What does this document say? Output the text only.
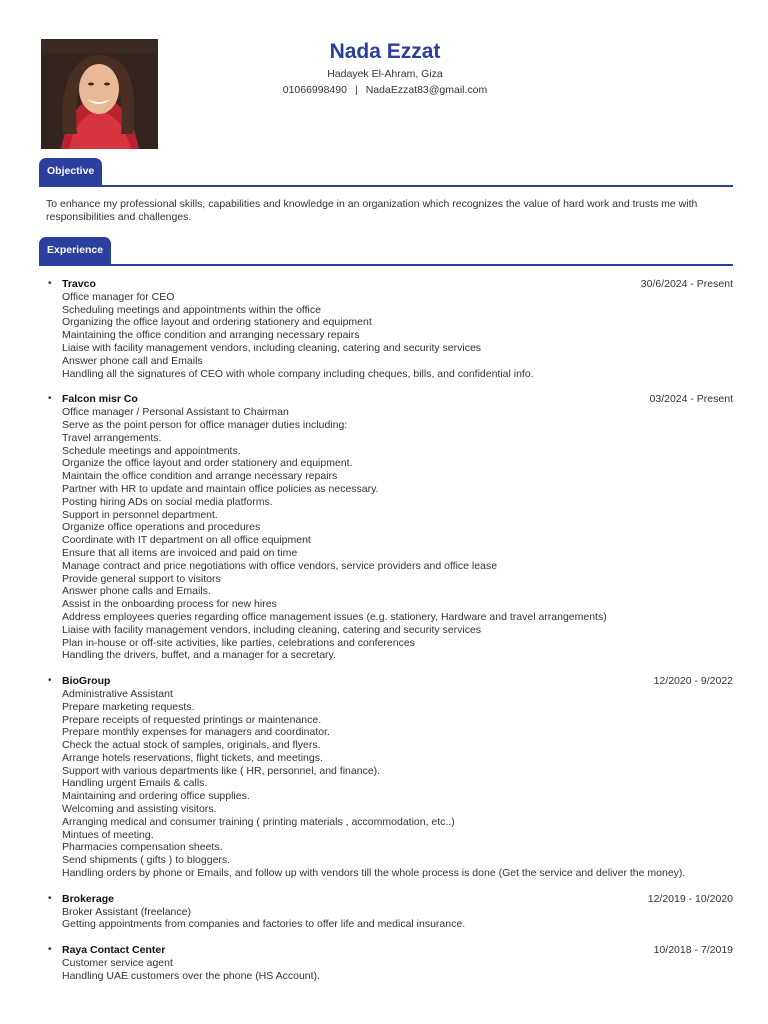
Nada Ezzat
Hadayek El-Ahram, Giza
01066998490 | NadaEzzat83@gmail.com
Objective
To enhance my professional skills, capabilities and knowledge in an organization which recognizes the value of hard work and trusts me with responsibilities and challenges.
Experience
• Travco	30/6/2024 - Present
Office manager for CEO
Scheduling meetings and appointments within the office
Organizing the office layout and ordering stationery and equipment
Maintaining the office condition and arranging necessary repairs
Liaise with facility management vendors, including cleaning, catering and security services
Answer phone call and Emails
Handling all the signatures of CEO with whole company including cheques, bills, and confidential info.
• Falcon misr Co	03/2024 - Present
Office manager / Personal Assistant to Chairman
Serve as the point person for office manager duties including:
Travel arrangements.
Schedule meetings and appointments.
Organize the office layout and order stationery and equipment.
Maintain the office condition and arrange necessary repairs
Partner with HR to update and maintain office policies as necessary.
Posting hiring ADs on social media platforms.
Support in personnel department.
Organize office operations and procedures
Coordinate with IT department on all office equipment
Ensure that all items are invoiced and paid on time
Manage contract and price negotiations with office vendors, service providers and office lease
Provide general support to visitors
Answer phone calls and Emails.
Assist in the onboarding process for new hires
Address employees queries regarding office management issues (e.g. stationery, Hardware and travel arrangements)
Liaise with facility management vendors, including cleaning, catering and security services
Plan in-house or off-site activities, like parties, celebrations and conferences
Handling the drivers, buffet, and a manager for a secretary.
• BioGroup	12/2020 - 9/2022
Administrative Assistant
Prepare marketing requests.
Prepare receipts of requested printings or maintenance.
Prepare monthly expenses for managers and coordinator.
Check the actual stock of samples, originals, and flyers.
Arrange hotels reservations, flight tickets, and meetings.
Support with various departments like ( HR, personnel, and finance).
Handling urgent Emails & calls.
Maintaining and ordering office supplies.
Welcoming and assisting visitors.
Arranging medical and consumer training ( printing materials , accommodation, etc..)
Mintues of meeting.
Pharmacies compensation sheets.
Send shipments ( gifts ) to bloggers.
Handling orders by phone or Emails, and follow up with vendors till the whole process is done (Get the service and deliver the money).
• Brokerage	12/2019 - 10/2020
Broker Assistant (freelance)
Getting appointments from companies and factories to offer life and medical insurance.
• Raya Contact Center	10/2018 - 7/2019
Customer service agent
Handling UAE customers over the phone (HS Account).
